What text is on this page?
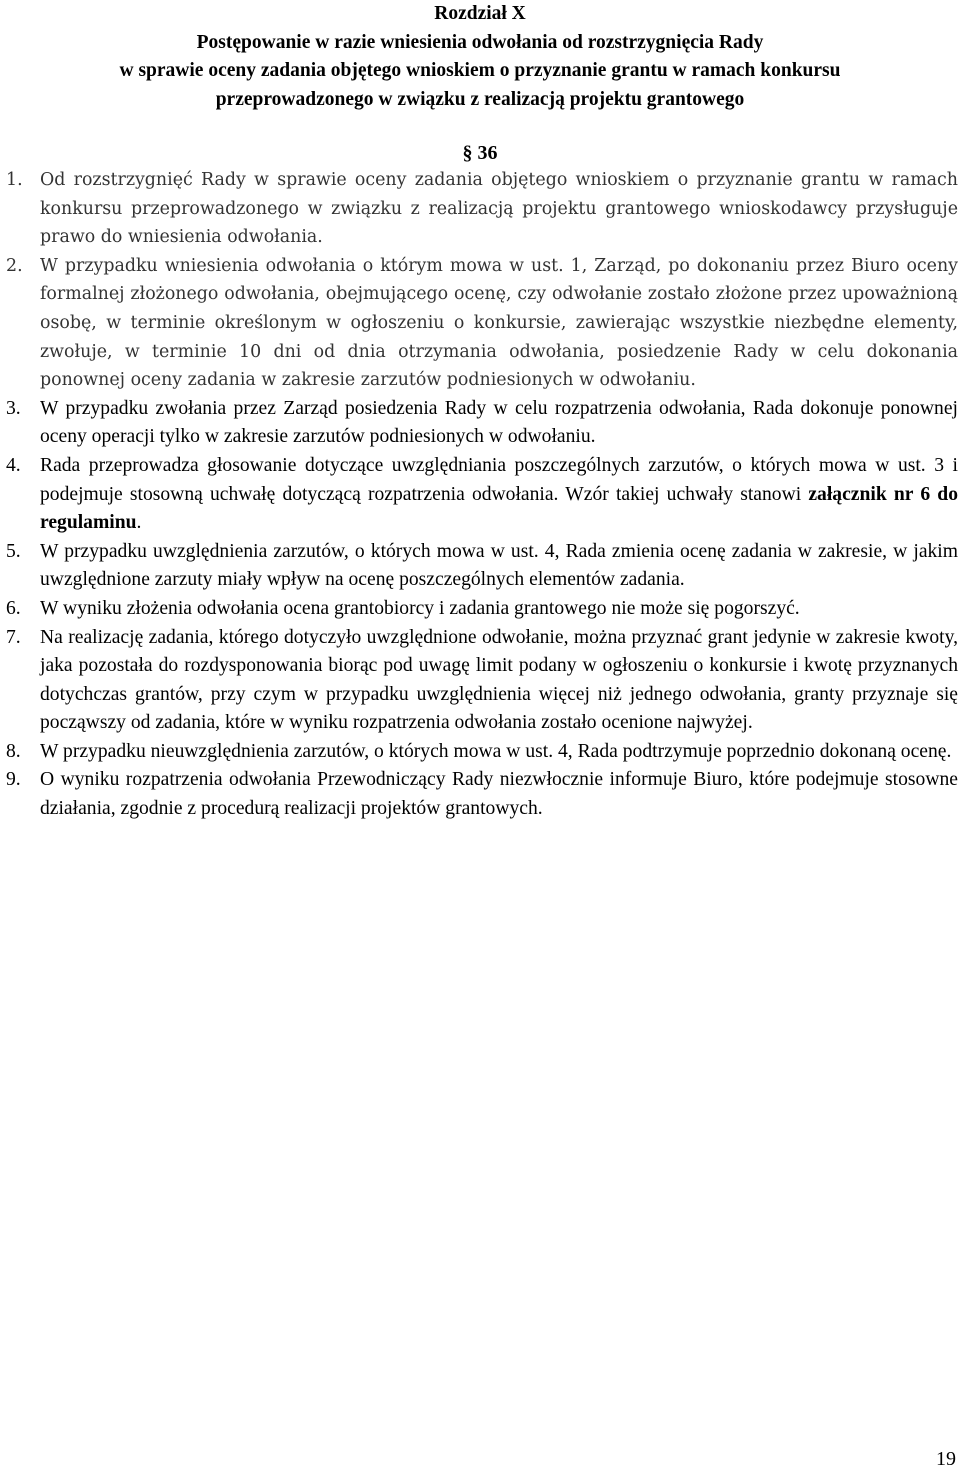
Rozdział X
Postępowanie w razie wniesienia odwołania od rozstrzygnięcia Rady
w sprawie oceny zadania objętego wnioskiem o przyznanie grantu w ramach konkursu
przeprowadzonego w związku z realizacją projektu grantowego
§ 36
1.	Od rozstrzygnięć Rady w sprawie oceny zadania objętego wnioskiem o przyznanie grantu w ramach konkursu przeprowadzonego w związku z realizacją projektu grantowego wnioskodawcy przysługuje prawo do wniesienia odwołania.
2.	W przypadku wniesienia odwołania o którym mowa w ust. 1, Zarząd, po dokonaniu przez Biuro oceny formalnej złożonego odwołania, obejmującego ocenę, czy odwołanie zostało złożone przez upoważnioną osobę, w terminie określonym w ogłoszeniu o konkursie, zawierając wszystkie niezbędne elementy, zwołuje, w terminie 10 dni od dnia otrzymania odwołania, posiedzenie Rady w celu dokonania ponownej oceny zadania w zakresie zarzutów podniesionych w odwołaniu.
3. W przypadku zwołania przez Zarząd posiedzenia Rady w celu rozpatrzenia odwołania, Rada dokonuje ponownej oceny operacji tylko w zakresie zarzutów podniesionych w odwołaniu.
4. Rada przeprowadza głosowanie dotyczące uwzględniania poszczególnych zarzutów, o których mowa w ust. 3 i podejmuje stosowną uchwałę dotyczącą rozpatrzenia odwołania. Wzór takiej uchwały stanowi załącznik nr 6 do regulaminu.
5. W przypadku uwzględnienia zarzutów, o których mowa w ust. 4, Rada zmienia ocenę zadania w zakresie, w jakim uwzględnione zarzuty miały wpływ na ocenę poszczególnych elementów zadania.
6. W wyniku złożenia odwołania ocena grantobiorcy i zadania grantowego nie może się pogorszyć.
7. Na realizację zadania, którego dotyczyło uwzględnione odwołanie, można przyznać grant jedynie w zakresie kwoty, jaka pozostała do rozdysponowania biorąc pod uwagę limit podany w ogłoszeniu o konkursie i kwotę przyznanych dotychczas grantów, przy czym w przypadku uwzględnienia więcej niż jednego odwołania, granty przyznaje się począwszy od zadania, które w wyniku rozpatrzenia odwołania zostało ocenione najwyżej.
8. W przypadku nieuwzględnienia zarzutów, o których mowa w ust. 4, Rada podtrzymuje poprzednio dokonaną ocenę.
9. O wyniku rozpatrzenia odwołania Przewodniczący Rady niezwłocznie informuje Biuro, które podejmuje stosowne działania, zgodnie z procedurą realizacji projektów grantowych.
19
